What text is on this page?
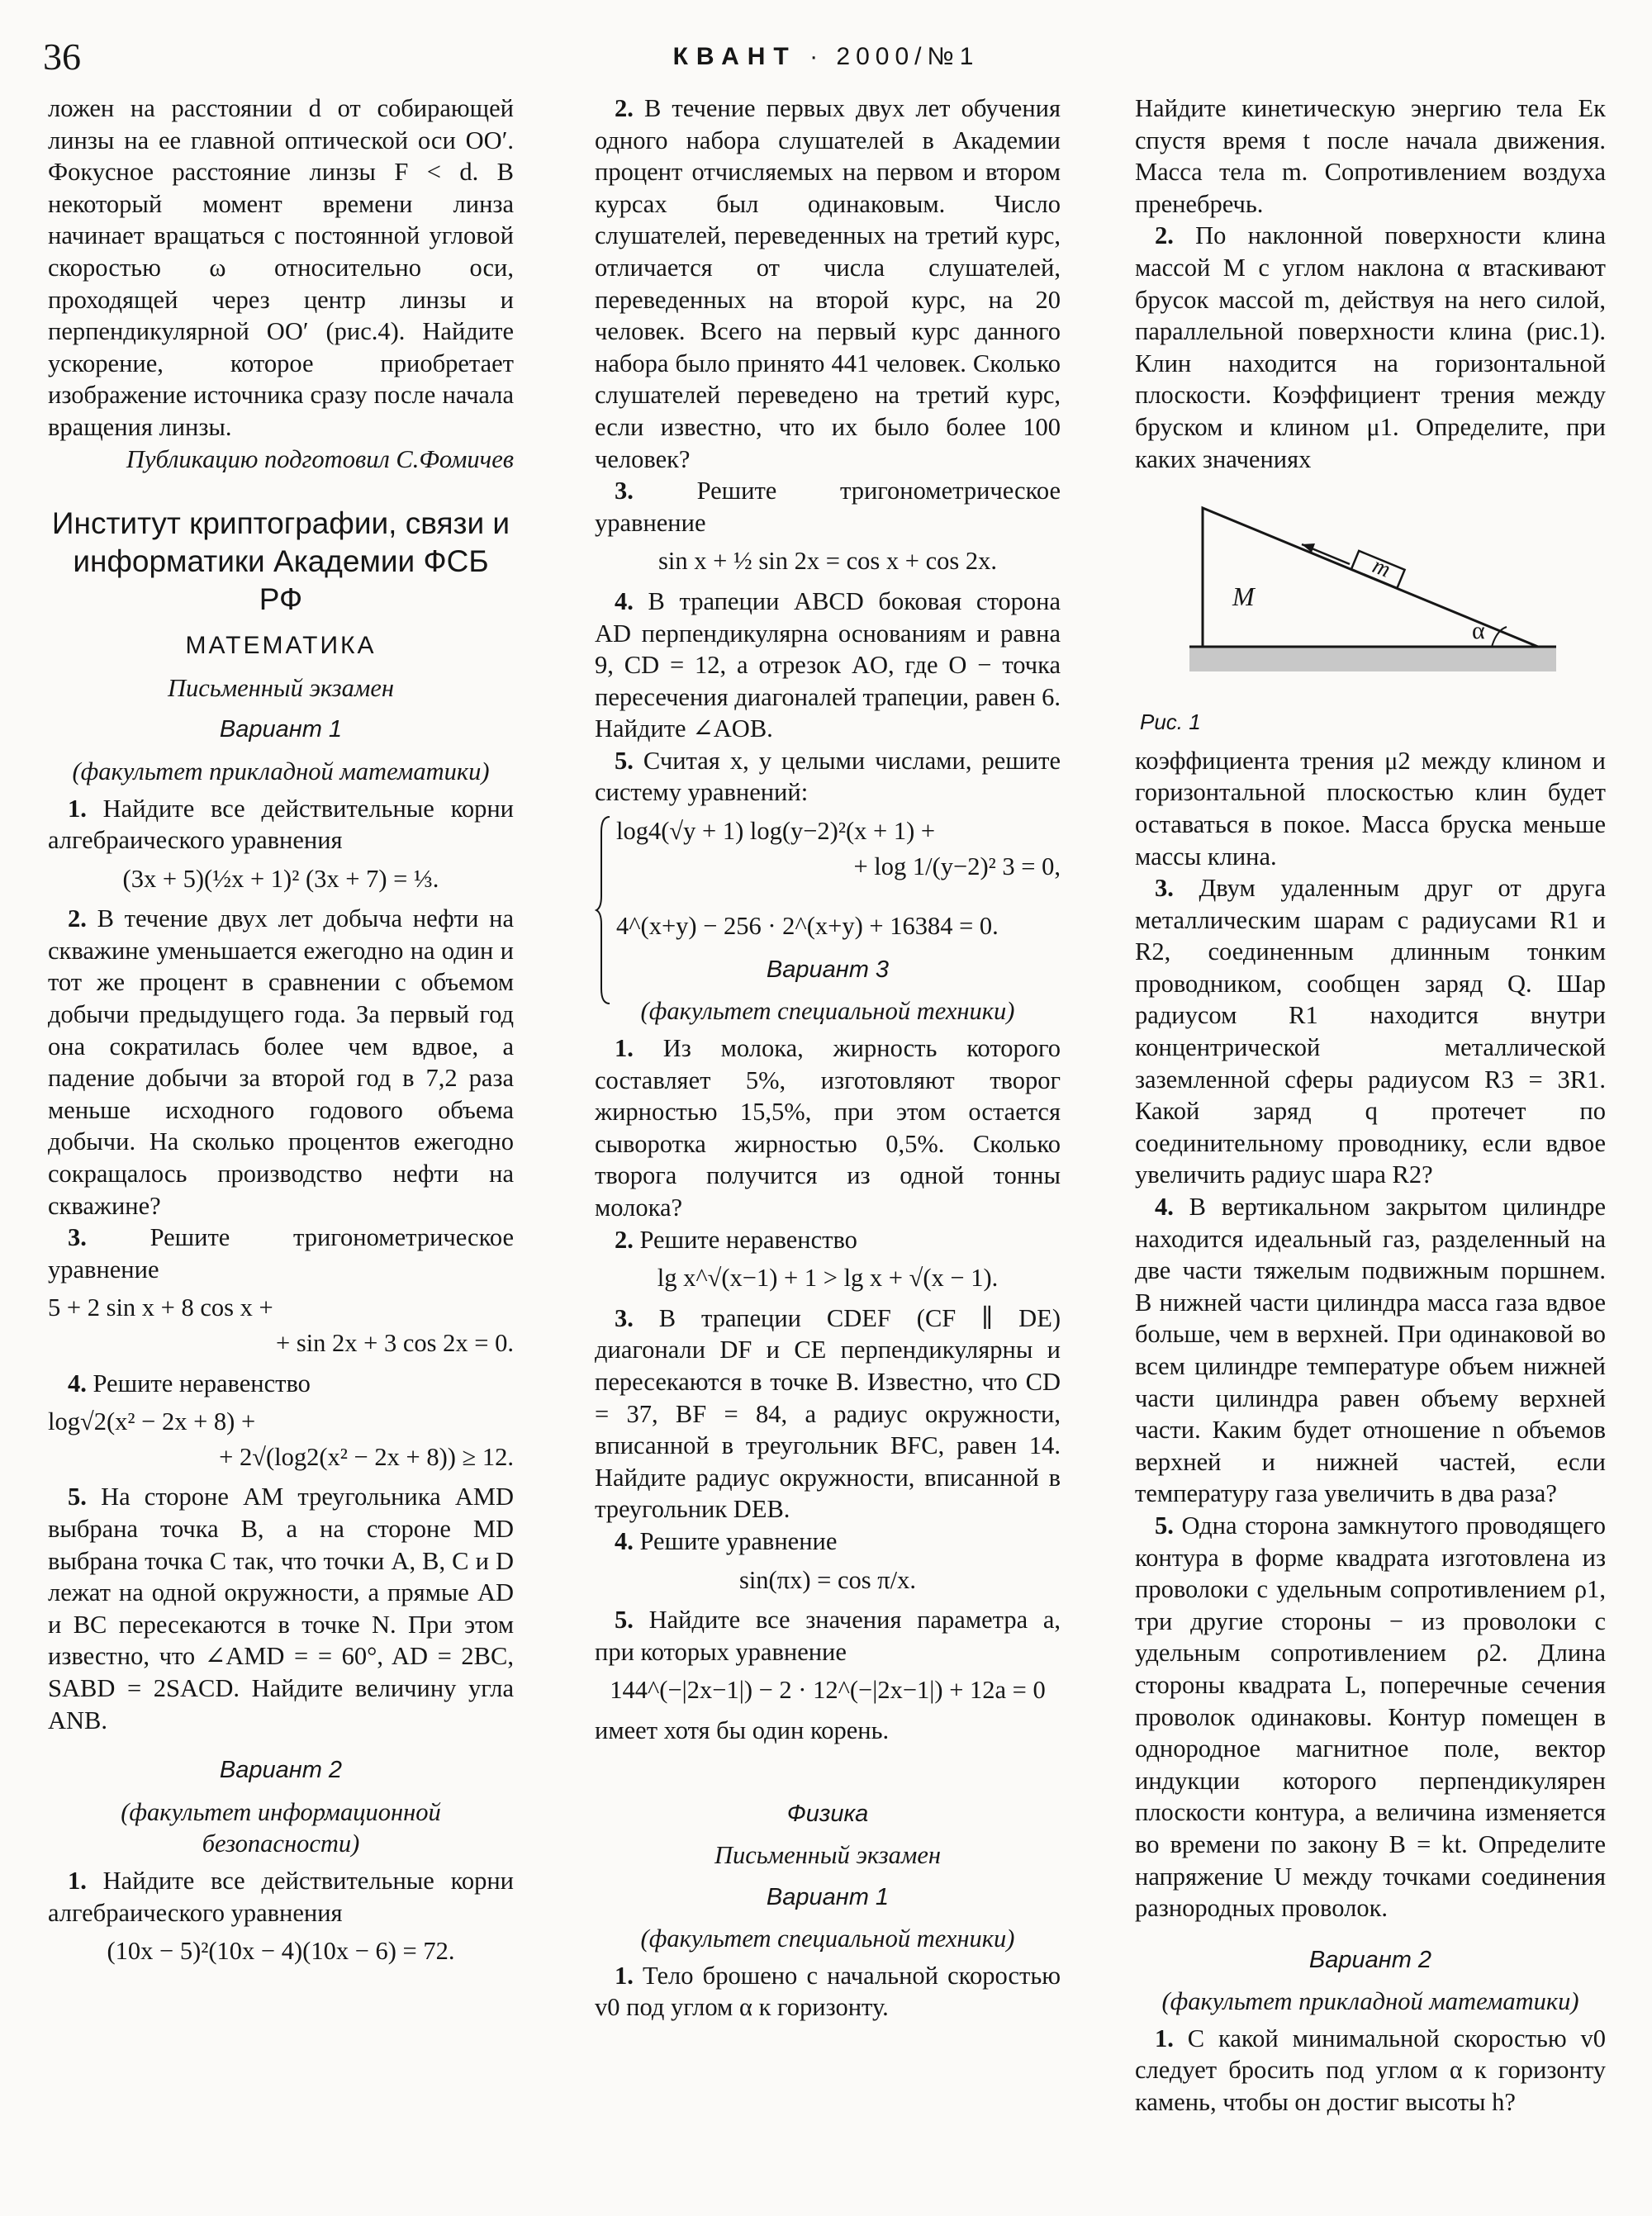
36	КВАНТ · 2000/№1

ложен на расстоянии d от собирающей линзы на ее главной оптической оси OO′. Фокусное расстояние линзы F < d. В некоторый момент времени линза начинает вращаться с постоянной угловой скоростью ω относительно оси, проходящей через центр линзы и перпендикулярной OO′ (рис.4). Найдите ускорение, которое приобретает изображение источника сразу после начала вращения линзы.

Публикацию подготовил С.Фомичев

Институт криптографии, связи и информатики Академии ФСБ РФ
МАТЕМАТИКА
Письменный экзамен
Вариант 1
(факультет прикладной математики)

1. Найдите все действительные корни алгебраического уравнения

(3x + 5)(½x + 1)² (3x + 7) = ⅓.

2. В течение двух лет добыча нефти на скважине уменьшается ежегодно на один и тот же процент в сравнении с объемом добычи предыдущего года. За первый год она сократилась более чем вдвое, а падение добычи за второй год в 7,2 раза меньше исходного годового объема добычи. На сколько процентов ежегодно сокращалось производство нефти на скважине?

3.	Решите тригонометрическое уравнение

5 + 2 sin x + 8 cos x +
+ sin 2x + 3 cos 2x = 0.

4. Решите неравенство

log√2(x² − 2x + 8) +
+ 2√(log2(x² − 2x + 8)) ≥ 12.

5. На стороне AM треугольника AMD выбрана точка B, а на стороне MD выбрана точка C так, что точки A, B, C и D лежат на одной окружности, а прямые AD и BC пересекаются в точке N. При этом известно, что ∠AMD = = 60°, AD = 2BC, SABD = 2SACD. Найдите величину угла ANB.

Вариант 2
(факультет информационной безопасности)

1. Найдите все действительные корни алгебраического уравнения

(10x − 5)²(10x − 4)(10x − 6) = 72.

2. В течение первых двух лет обучения одного набора слушателей в Академии процент отчисляемых на первом и втором курсах был одинаковым. Число слушателей, переведенных на третий курс, отличается от числа слушателей, переведенных на второй курс, на 20 человек. Всего на первый курс данного набора было принято 441 человек. Сколько слушателей переведено на третий курс, если известно, что их было более 100 человек?

3.	Решите тригонометрическое уравнение

sin x + ½ sin 2x = cos x + cos 2x.

4. В трапеции ABCD боковая сторона AD перпендикулярна основаниям и равна 9, CD = 12, а отрезок AO, где O − точка пересечения диагоналей трапеции, равен 6. Найдите ∠AOB.

5. Считая x, y целыми числами, решите систему уравнений:

log4(√y + 1) log(y−2)²(x + 1) +
+ log 1/(y−2)² 3 = 0,
4^(x+y) − 256 · 2^(x+y) + 16384 = 0.
Вариант 3
(факультет специальной техники)

1. Из молока, жирность которого составляет 5%, изготовляют творог жирностью 15,5%, при этом остается сыворотка жирностью 0,5%. Сколько творога получится из одной тонны молока?

2. Решите неравенство

lg x^√(x−1) + 1 > lg x + √(x − 1).

3. В трапеции CDEF (CF ∥ DE) диагонали DF и CE перпендикулярны и пересекаются в точке B. Известно, что CD = 37, BF = 84, а радиус окружности, вписанной в треугольник BFC, равен 14. Найдите радиус окружности, вписанной в треугольник DEB.

4. Решите уравнение

sin(πx) = cos π/x.

5. Найдите все значения параметра a, при которых уравнение

144^(−|2x−1|) − 2 · 12^(−|2x−1|) + 12a = 0

имеет хотя бы один корень.

Физика
Письменный экзамен
Вариант 1
(факультет специальной техники)

1. Тело брошено с начальной скоростью v0 под углом α к горизонту.

Найдите кинетическую энергию тела Eк спустя время t после начала движения. Масса тела m. Сопротивлением воздуха пренебречь.

2. По наклонной поверхности клина массой M с углом наклона α втаскивают брусок массой m, действуя на него силой, параллельной поверхности клина (рис.1). Клин находится на горизонтальной плоскости. Коэффициент трения между бруском и клином μ1. Определите, при каких значениях

M
m
α
Рис. 1

коэффициента трения μ2 между клином и горизонтальной плоскостью клин будет оставаться в покое. Масса бруска меньше массы клина.

3. Двум удаленным друг от друга металлическим шарам с радиусами R1 и R2, соединенным длинным тонким проводником, сообщен заряд Q. Шар радиусом R1 находится внутри концентрической металлической заземленной сферы радиусом R3 = 3R1. Какой заряд q протечет по соединительному проводнику, если вдвое увеличить радиус шара R2?

4. В вертикальном закрытом цилиндре находится идеальный газ, разделенный на две части тяжелым подвижным поршнем. В нижней части цилиндра масса газа вдвое больше, чем в верхней. При одинаковой во всем цилиндре температуре объем нижней части цилиндра равен объему верхней части. Каким будет отношение n объемов верхней и нижней частей, если температуру газа увеличить в два раза?

5. Одна сторона замкнутого проводящего контура в форме квадрата изготовлена из проволоки с удельным сопротивлением ρ1, три другие стороны − из проволоки с удельным сопротивлением ρ2. Длина стороны квадрата L, поперечные сечения проволок одинаковы. Контур помещен в однородное магнитное поле, вектор индукции которого перпендикулярен плоскости контура, а величина изменяется во времени по закону B = kt. Определите напряжение U между точками соединения разнородных проволок.

Вариант 2
(факультет прикладной математики)

1. С какой минимальной скоростью v0 следует бросить под углом α к горизонту камень, чтобы он достиг высоты h?
